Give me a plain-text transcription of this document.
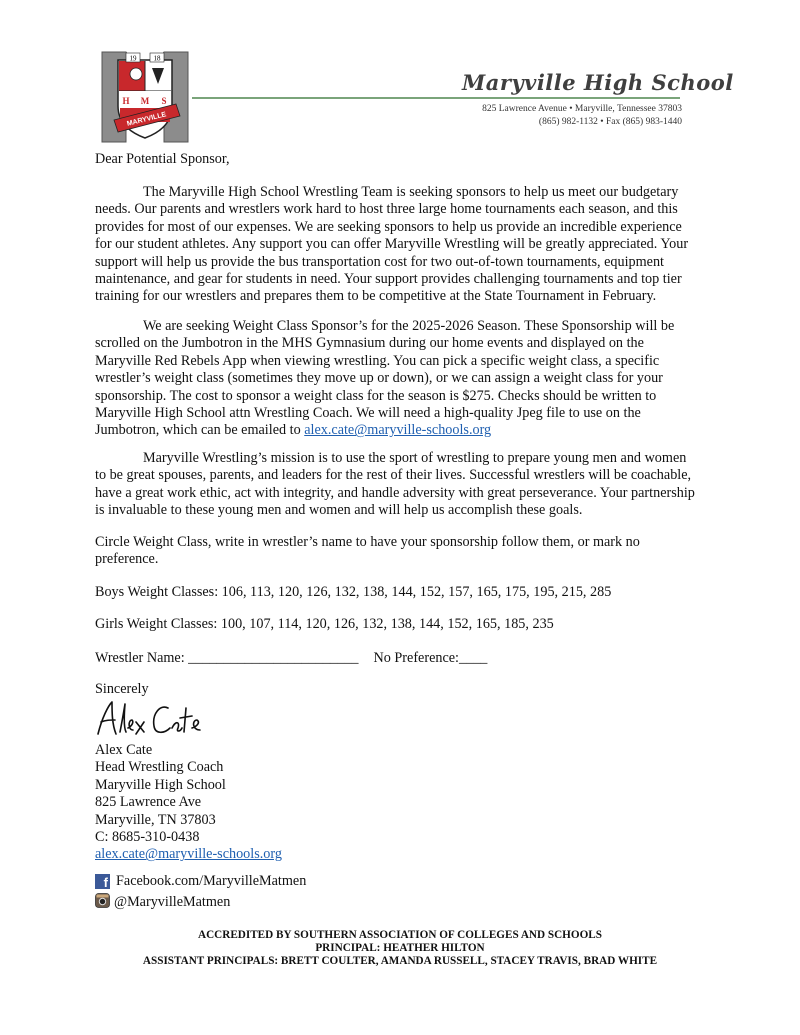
19 18
H M S
MARYVILLE
Maryville High School
825 Lawrence Avenue • Maryville, Tennessee 37803
(865) 982-1132 • Fax (865) 983-1440
Dear Potential Sponsor,
The Maryville High School Wrestling Team is seeking sponsors to help us meet our budgetary
needs. Our parents and wrestlers work hard to host three large home tournaments each season, and this
provides for most of our expenses. We are seeking sponsors to help us provide an incredible experience
for our student athletes. Any support you can offer Maryville Wrestling will be greatly appreciated. Your
support will help us provide the bus transportation cost for two out-of-town tournaments, equipment
maintenance, and gear for students in need. Your support provides challenging tournaments and top tier
training for our wrestlers and prepares them to be competitive at the State Tournament in February.
We are seeking Weight Class Sponsor’s for the 2025-2026 Season. These Sponsorship will be
scrolled on the Jumbotron in the MHS Gymnasium during our home events and displayed on the
Maryville Red Rebels App when viewing wrestling. You can pick a specific weight class, a specific
wrestler’s weight class (sometimes they move up or down), or we can assign a weight class for your
sponsorship. The cost to sponsor a weight class for the season is $275. Checks should be written to
Maryville High School attn Wrestling Coach. We will need a high-quality Jpeg file to use on the
Jumbotron, which can be emailed to alex.cate@maryville-schools.org
Maryville Wrestling’s mission is to use the sport of wrestling to prepare young men and women
to be great spouses, parents, and leaders for the rest of their lives. Successful wrestlers will be coachable,
have a great work ethic, act with integrity, and handle adversity with great perseverance. Your partnership
is invaluable to these young men and women and will help us accomplish these goals.
Circle Weight Class, write in wrestler’s name to have your sponsorship follow them, or mark no
preference.
Boys Weight Classes: 106, 113, 120, 126, 132, 138, 144, 152, 157, 165, 175, 195, 215, 285
Girls Weight Classes: 100, 107, 114, 120, 126, 132, 138, 144, 152, 165, 185, 235
Wrestler Name: ________________________ No Preference:____
Sincerely
Alex Cate
Head Wrestling Coach
Maryville High School
825 Lawrence Ave
Maryville, TN 37803
C: 8685-310-0438
alex.cate@maryville-schools.org
f Facebook.com/MaryvilleMatmen
@MaryvilleMatmen
ACCREDITED BY SOUTHERN ASSOCIATION OF COLLEGES AND SCHOOLS
PRINCIPAL: HEATHER HILTON
ASSISTANT PRINCIPALS: BRETT COULTER, AMANDA RUSSELL, STACEY TRAVIS, BRAD WHITE
